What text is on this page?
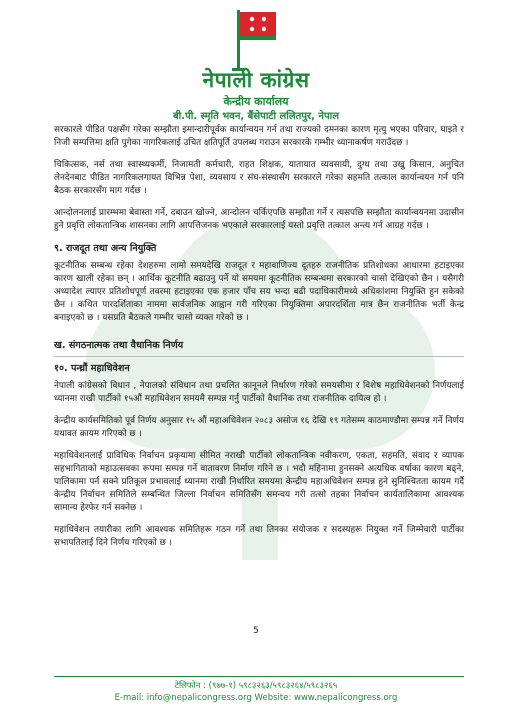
नेपाली कांग्रेस
केन्द्रीय कार्यालय
बी.पी. स्मृति भवन, बैंसेपाटी ललितपुर, नेपाल

सरकारले पीडित पक्षसँग गरेका सम्झौता इमान्दारीपूर्वक कार्यान्वयन गर्न तथा राज्यको दमनका कारण मृत्यु भएका परिवार, घाइते र निजी सम्पत्तिमा क्षति पुगेका नागरिकलाई उचित क्षतिपूर्ति उपलब्ध गराउन सरकारके गम्भीर ध्यानाकर्षण गराउँदछ ।

चिकित्सक, नर्स तथा स्वास्थ्यकर्मी, निजामती कर्मचारी, राहत शिक्षक, यातायात व्यवसायी, दुग्ध तथा उखु किसान, अनुचित लेनदेनबाट पीडित नागरिकलगायत विभिन्न पेशा, व्यवसाय र संघ-संस्थासँग सरकारले गरेका सहमति तत्काल कार्यान्वयन गर्न पनि बैठक सरकारसँग माग गर्दछ ।

आन्दोलनलाई प्रारम्भमा बेवास्ता गर्ने, दबाउन खोज्ने, आन्दोलन चर्किएपछि सम्झौता गर्ने र त्यसपछि सम्झौता कार्यान्वयनमा उदासीन हुने प्रवृत्ति लोकतान्त्रिक शासनका लागि आपत्तिजनक भएकाले सरकारलाई यस्तो प्रवृत्ति तत्काल अन्त्य गर्न आग्रह गर्दछ ।

९. राजदूत तथा अन्य नियुक्ति

कूटनीतिक सम्बन्ध रहेका देशहरुमा लामो समयदेखि राजदूत र महावाणिज्य दूतहरु राजनीतिक प्रतिशोधका आधारमा हटाइएका कारण खाली रहेका छन् । आर्थिक कूटनीति बढाउनु पर्ने यो समयमा कूटनीतिक सम्बन्धमा सरकारको चासो देखिएको छैन । यसैगरी अध्यादेश ल्याएर प्रतिशोधपूर्ण तवरमा हटाइएका एक हजार पाँच सय भन्दा बढी पदाधिकारीमध्ये अधिकांशमा नियुक्ति हुन सकेको छैन । कथित पारदर्शिताका नाममा सार्वजनिक आह्वान गरी गरिएका नियुक्तिमा अपारदर्शिता मात्र छैन राजनीतिक भर्ती केन्द्र बनाइएको छ । यसप्रति बैठकले गम्भीर चासो व्यक्त गरेको छ ।

ख. संगठनात्मक तथा वैधानिक निर्णय
१०. पन्ध्रौं महाधिवेशन

नेपाली कांग्रेसको विधान , नेपालको संविधान तथा प्रचलित कानूनले निर्धारण गरेको समयसीमा र विशेष महाधिवेशनको निर्णयलाई ध्यानमा राखी पार्टीको १५औं महाधिवेशन समयमै सम्पन्न गर्नु पार्टीको वैधानिक तथा राजनीतिक दायित्व हो ।

केन्द्रीय कार्यसमितिको पूर्व निर्णय अनुसार १५ औं महाअधिवेशन २०८३ असोज १६ देखि १९ गतेसम्म काठमाण्डौमा सम्पन्न गर्ने निर्णय यथावत क़ायम गरिएको छ ।

महाधिवेशनलाई प्राविधिक निर्वाचन प्रकृयामा सीमित नराखी पार्टीको लोकतान्त्रिक नवीकरण, एकता, सहमति, संवाद र व्यापक सहभागिताको महाउत्सवका रूपमा सम्पन्न गर्ने वातावरण निर्माण गरिने छ । भदौ महिनामा हुनसक्ने अत्यधिक वर्षाका कारण बढ्ने, पालिकामा पर्न सक्ने प्रतिकूल प्रभावलाई ध्यानमा राखी निर्धारित समयमा केन्द्रीय महाअधिवेशन सम्पन्न हुने सुनिश्चितता कायम गर्दै केन्द्रीय निर्वाचन समितिले सम्बन्धित जिल्ला निर्वाचन समितिसँग समन्वय गरी तत्सो तहका निर्वाचन कार्यतालिकामा आवश्यक सामान्य हेरफेर गर्न सक्नेछ ।

महाधिवेशन तयारीका लागि आवश्यक समितिहरू गठन गर्ने तथा तिनका संयोजक र सदस्यहरू नियुक्त गर्ने जिम्मेवारी पार्टीका सभापतिलाई दिने निर्णय गरिएको छ ।

5
टेलिफोन : (९७७-१) ५९८३२६३/५९८३२६४/५९८३२६५
E-mail: info@nepalicongress.org Website: www.nepalicongress.org
